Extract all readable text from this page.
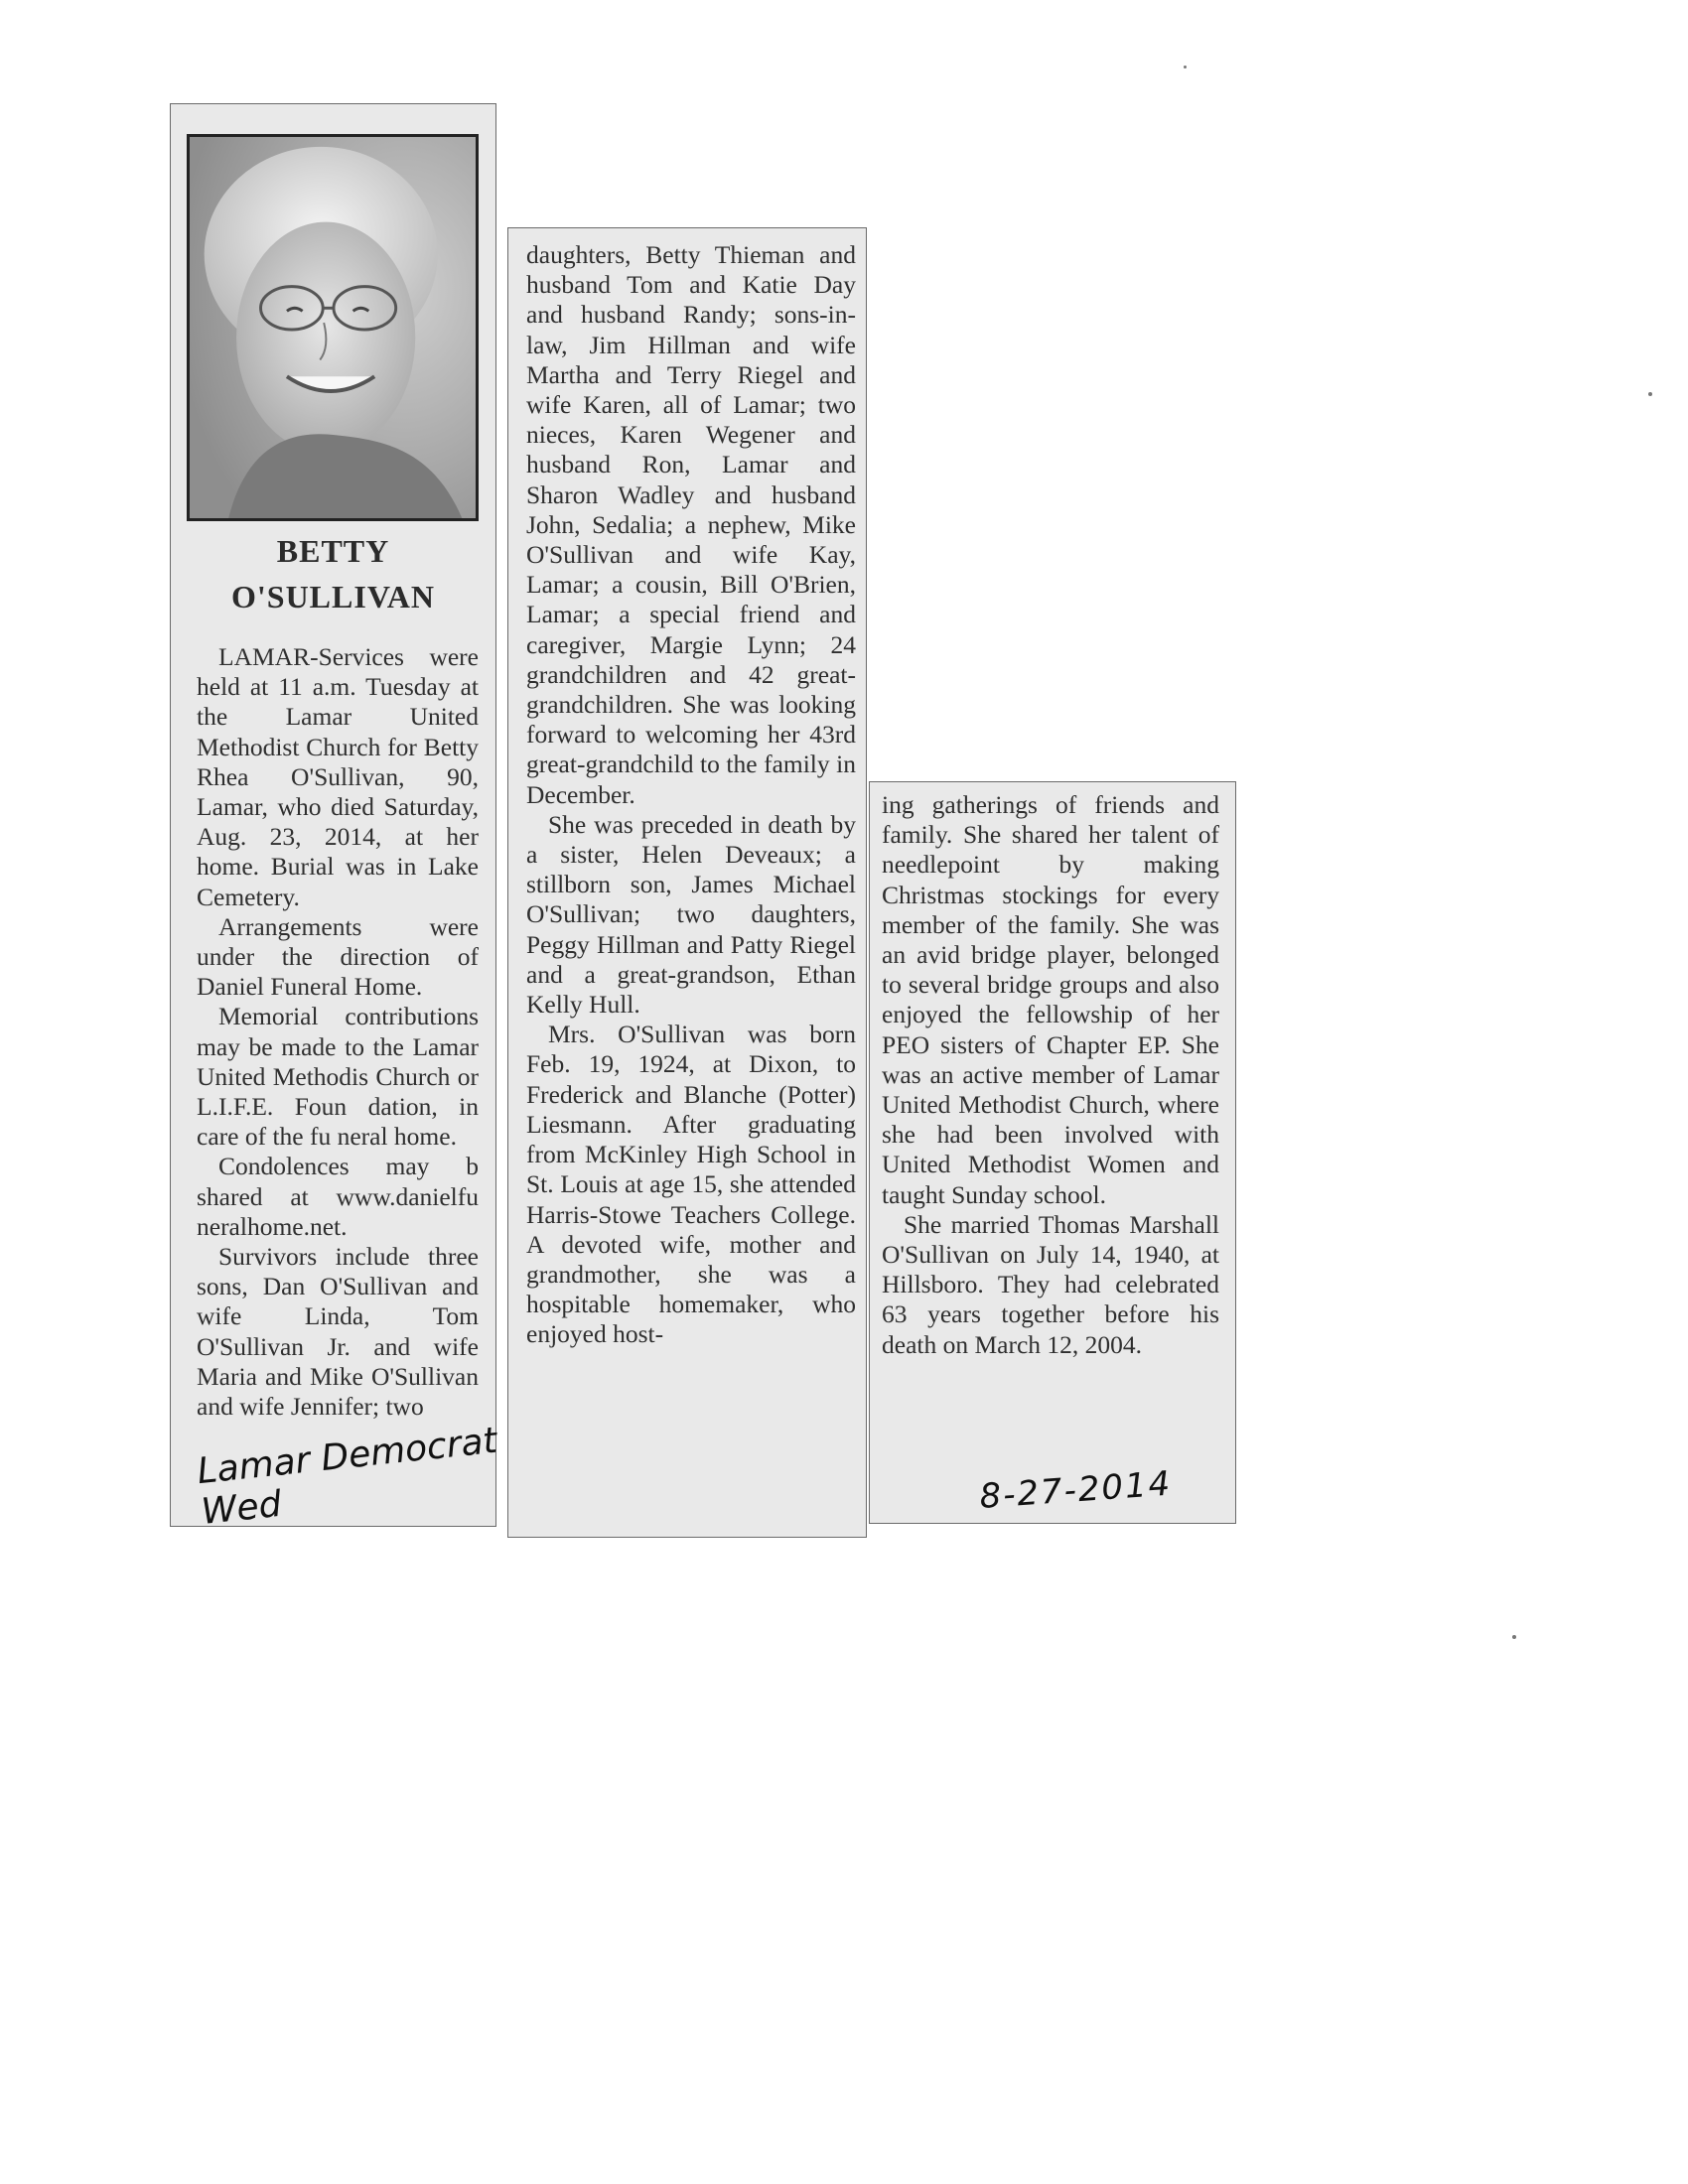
BETTY
O'SULLIVAN

LAMAR-Services were held at 11 a.m. Tuesday at the Lamar United Methodist Church for Betty Rhea O'Sullivan, 90, Lamar, who died Saturday, Aug. 23, 2014, at her home. Burial was in Lake Cemetery.

Arrangements were under the direction of Daniel Funeral Home.

Memorial contributions may be made to the Lamar United Methodis Church or L.I.F.E. Foun dation, in care of the fu neral home.

Condolences may b shared at www.danielfu neralhome.net.

Survivors include three sons, Dan O'Sullivan and wife Linda, Tom O'Sullivan Jr. and wife Maria and Mike O'Sullivan and wife Jennifer; two

daughters, Betty Thieman and husband Tom and Katie Day and husband Randy; sons-in-law, Jim Hillman and wife Martha and Terry Riegel and wife Karen, all of Lamar; two nieces, Karen Wegener and husband Ron, Lamar and Sharon Wadley and husband John, Sedalia; a nephew, Mike O'Sullivan and wife Kay, Lamar; a cousin, Bill O'Brien, Lamar; a special friend and caregiver, Margie Lynn; 24 grandchildren and 42 great-grandchildren. She was looking forward to welcoming her 43rd great-grandchild to the family in December.

She was preceded in death by a sister, Helen Deveaux; a stillborn son, James Michael O'Sullivan; two daughters, Peggy Hillman and Patty Riegel and a great-grandson, Ethan Kelly Hull.

Mrs. O'Sullivan was born Feb. 19, 1924, at Dixon, to Frederick and Blanche (Potter) Liesmann. After graduating from McKinley High School in St. Louis at age 15, she attended Harris-Stowe Teachers College. A devoted wife, mother and grandmother, she was a hospitable homemaker, who enjoyed host-

ing gatherings of friends and family. She shared her talent of needlepoint by making Christmas stockings for every member of the family. She was an avid bridge player, belonged to several bridge groups and also enjoyed the fellowship of her PEO sisters of Chapter EP. She was an active member of Lamar United Methodist Church, where she had been involved with United Methodist Women and taught Sunday school.

She married Thomas Marshall O'Sullivan on July 14, 1940, at Hillsboro. They had celebrated 63 years together before his death on March 12, 2004.

Lamar Democrat Wed	8-27-2014
